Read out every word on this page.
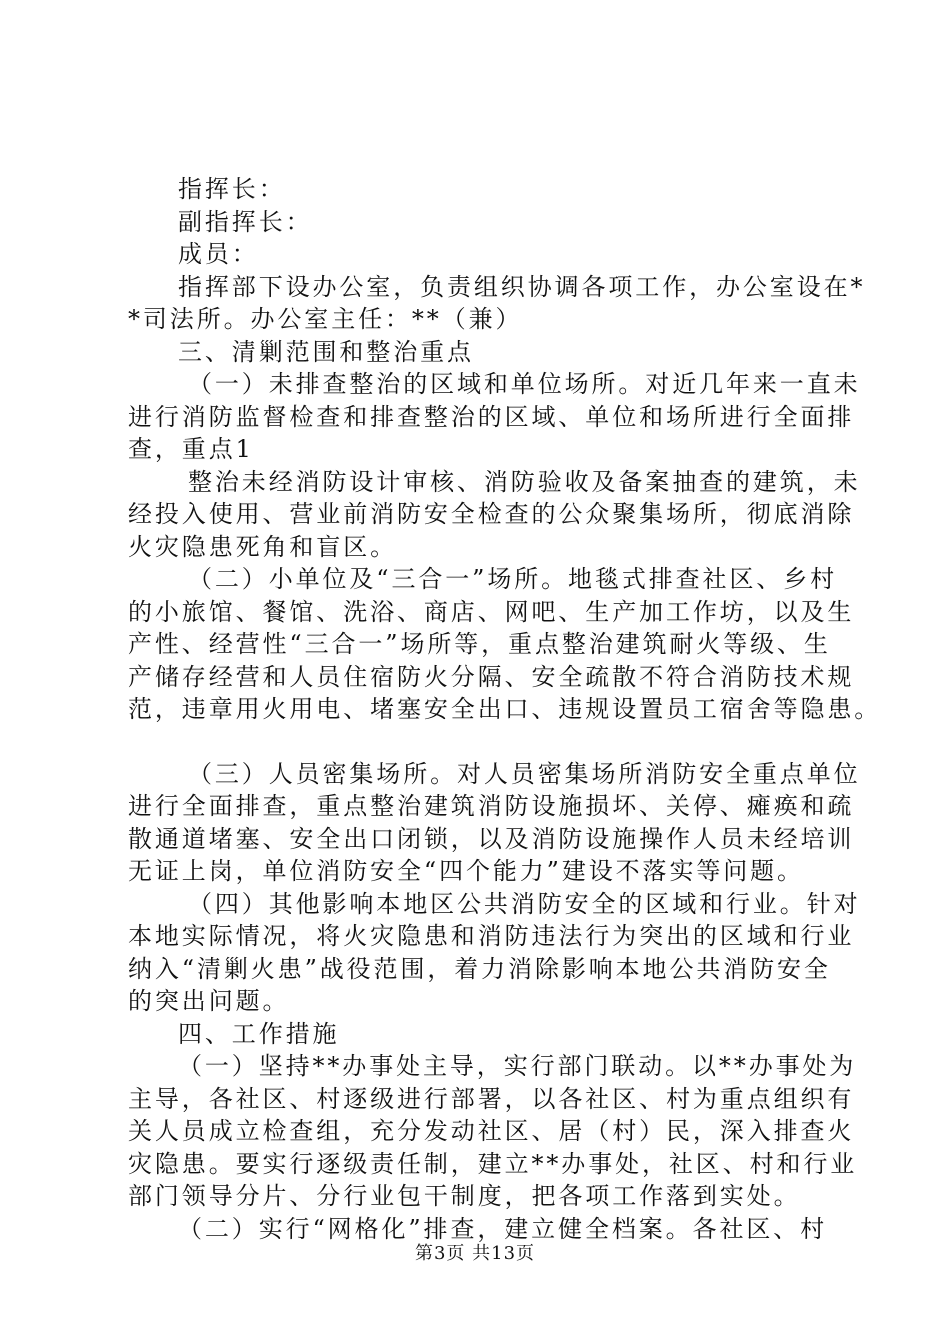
指挥长：
副指挥长：
成员：
指挥部下设办公室，负责组织协调各项工作，办公室设在*
*司法所。办公室主任：**（兼）
三、清剿范围和整治重点
（一）未排查整治的区域和单位场所。对近几年来一直未
进行消防监督检查和排查整治的区域、单位和场所进行全面排
查，重点1
整治未经消防设计审核、消防验收及备案抽查的建筑，未
经投入使用、营业前消防安全检查的公众聚集场所，彻底消除
火灾隐患死角和盲区。
（二）小单位及“三合一”场所。地毯式排查社区、乡村
的小旅馆、餐馆、洗浴、商店、网吧、生产加工作坊，以及生
产性、经营性“三合一”场所等，重点整治建筑耐火等级、生
产储存经营和人员住宿防火分隔、安全疏散不符合消防技术规
范，违章用火用电、堵塞安全出口、违规设置员工宿舍等隐患。
（三）人员密集场所。对人员密集场所消防安全重点单位
进行全面排查，重点整治建筑消防设施损坏、关停、瘫痪和疏
散通道堵塞、安全出口闭锁，以及消防设施操作人员未经培训
无证上岗，单位消防安全“四个能力”建设不落实等问题。
（四）其他影响本地区公共消防安全的区域和行业。针对
本地实际情况，将火灾隐患和消防违法行为突出的区域和行业
纳入“清剿火患”战役范围，着力消除影响本地公共消防安全
的突出问题。
四、工作措施
（一）坚持**办事处主导，实行部门联动。以**办事处为
主导，各社区、村逐级进行部署，以各社区、村为重点组织有
关人员成立检查组，充分发动社区、居（村）民，深入排查火
灾隐患。要实行逐级责任制，建立**办事处，社区、村和行业
部门领导分片、分行业包干制度，把各项工作落到实处。
（二）实行“网格化”排查，建立健全档案。各社区、村
第3页 共13页
